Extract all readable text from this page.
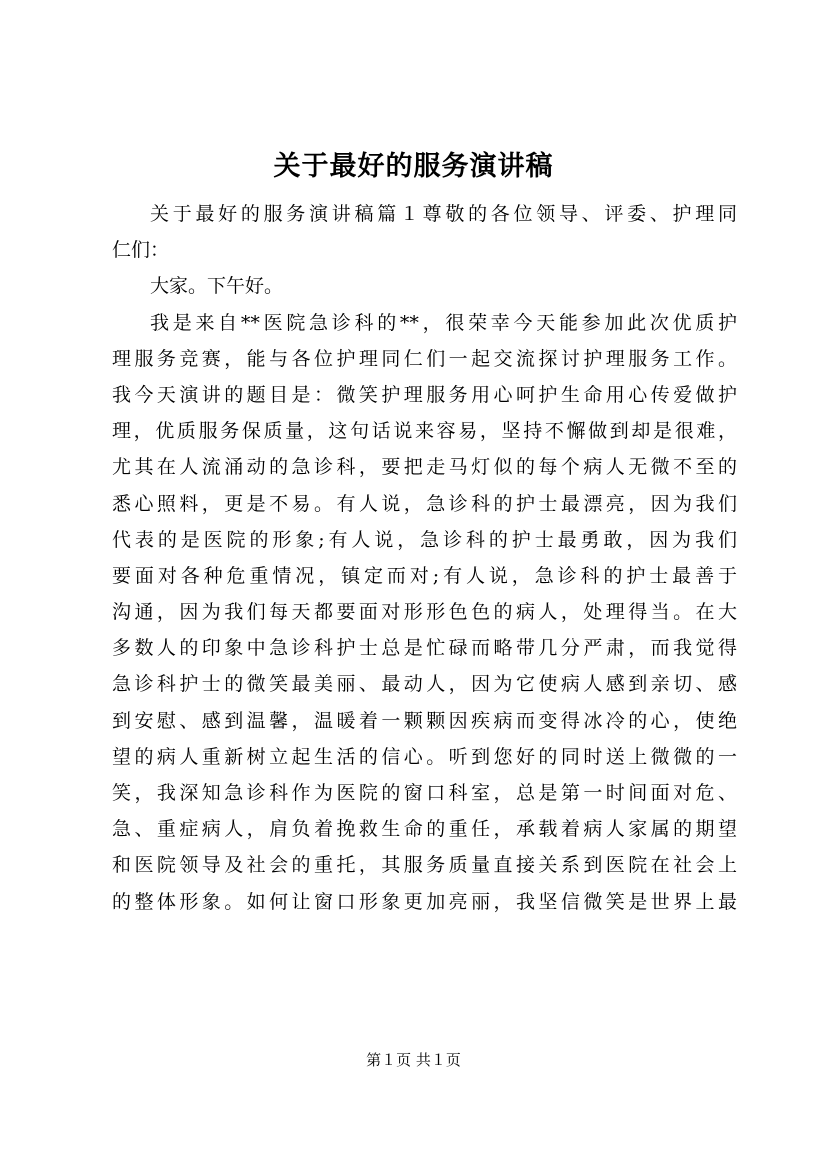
关于最好的服务演讲稿
关于最好的服务演讲稿篇１尊敬的各位领导、评委、护理同
仁们：
大家。下午好。
我是来自**医院急诊科的**，很荣幸今天能参加此次优质护
理服务竞赛，能与各位护理同仁们一起交流探讨护理服务工作。
我今天演讲的题目是：微笑护理服务用心呵护生命用心传爱做护
理，优质服务保质量，这句话说来容易，坚持不懈做到却是很难，
尤其在人流涌动的急诊科，要把走马灯似的每个病人无微不至的
悉心照料，更是不易。有人说，急诊科的护士最漂亮，因为我们
代表的是医院的形象;有人说，急诊科的护士最勇敢，因为我们
要面对各种危重情况，镇定而对;有人说，急诊科的护士最善于
沟通，因为我们每天都要面对形形色色的病人，处理得当。在大
多数人的印象中急诊科护士总是忙碌而略带几分严肃，而我觉得
急诊科护士的微笑最美丽、最动人，因为它使病人感到亲切、感
到安慰、感到温馨，温暖着一颗颗因疾病而变得冰冷的心，使绝
望的病人重新树立起生活的信心。听到您好的同时送上微微的一
笑，我深知急诊科作为医院的窗口科室，总是第一时间面对危、
急、重症病人，肩负着挽救生命的重任，承载着病人家属的期望
和医院领导及社会的重托，其服务质量直接关系到医院在社会上
的整体形象。如何让窗口形象更加亮丽，我坚信微笑是世界上最
第１页 共１页
